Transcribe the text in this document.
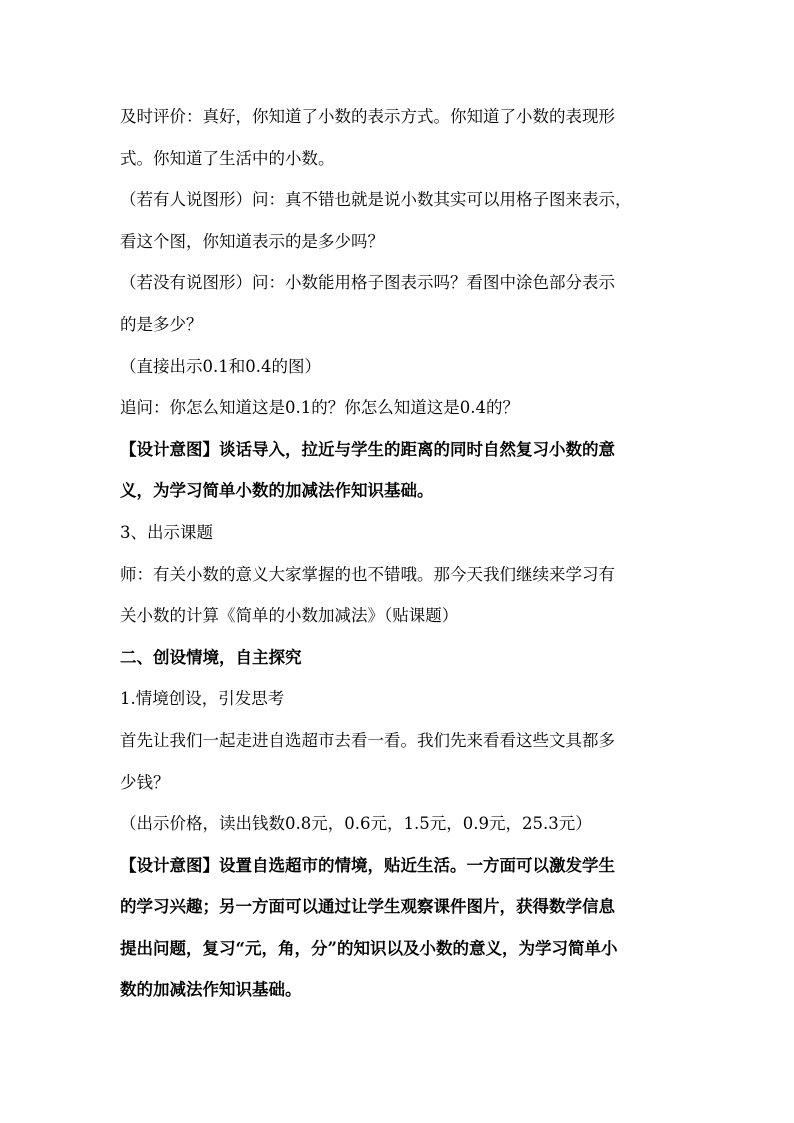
及时评价：真好，你知道了小数的表示方式。你知道了小数的表现形
式。你知道了生活中的小数。
（若有人说图形）问：真不错也就是说小数其实可以用格子图来表示，
看这个图，你知道表示的是多少吗？
（若没有说图形）问：小数能用格子图表示吗？看图中涂色部分表示
的是多少？
（直接出示0.1和0.4的图）
追问：你怎么知道这是0.1的？你怎么知道这是0.4的？
【设计意图】谈话导入，拉近与学生的距离的同时自然复习小数的意
义，为学习简单小数的加减法作知识基础。
3、出示课题
师：有关小数的意义大家掌握的也不错哦。那今天我们继续来学习有
关小数的计算《简单的小数加减法》（贴课题）
二、创设情境，自主探究
1.情境创设，引发思考
首先让我们一起走进自选超市去看一看。我们先来看看这些文具都多
少钱？
（出示价格，读出钱数0.8元，0.6元，1.5元，0.9元，25.3元）
【设计意图】设置自选超市的情境，贴近生活。一方面可以激发学生
的学习兴趣；另一方面可以通过让学生观察课件图片，获得数学信息
提出问题，复习“元，角，分”的知识以及小数的意义，为学习简单小
数的加减法作知识基础。
